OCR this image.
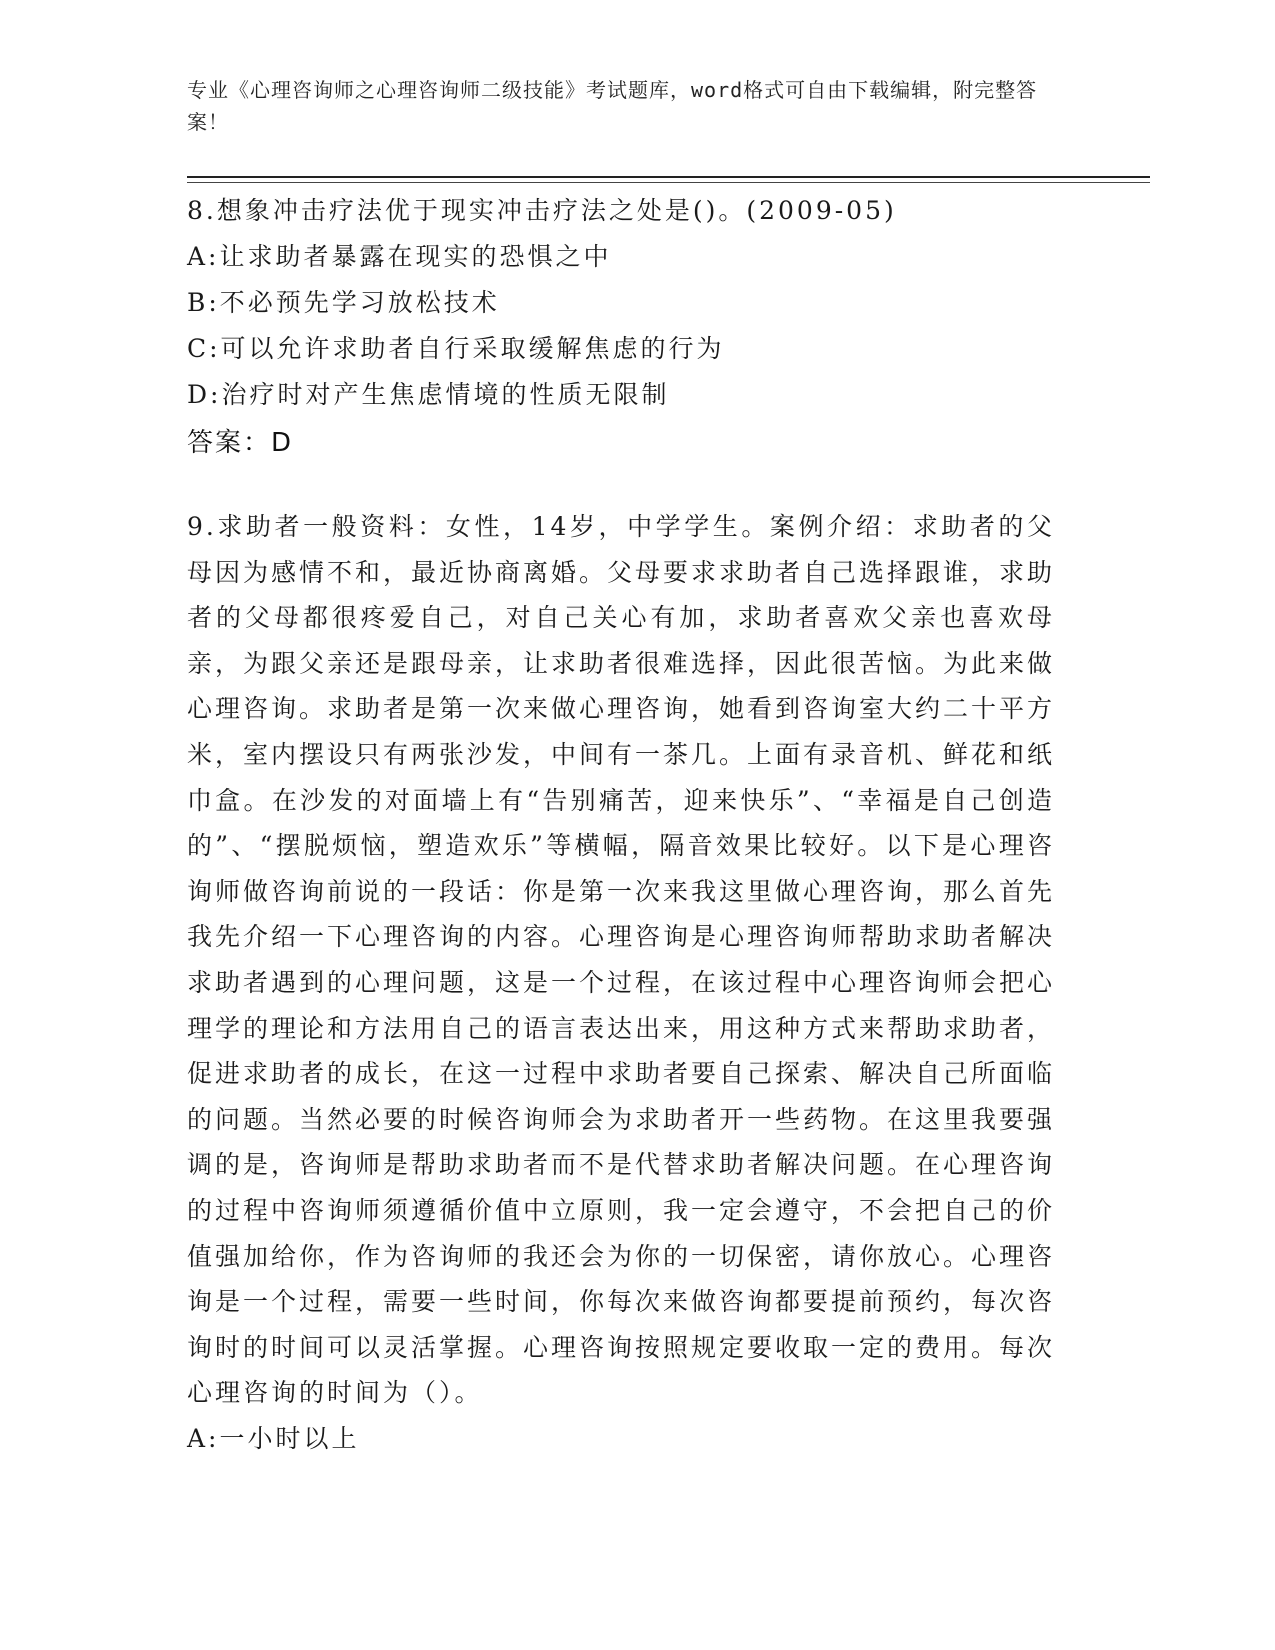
专业《心理咨询师之心理咨询师二级技能》考试题库，word格式可自由下载编辑，附完整答案！
8.想象冲击疗法优于现实冲击疗法之处是()。(2009-05)
A:让求助者暴露在现实的恐惧之中
B:不必预先学习放松技术
C:可以允许求助者自行采取缓解焦虑的行为
D:治疗时对产生焦虑情境的性质无限制
答案：D
9.求助者一般资料：女性，14岁，中学学生。案例介绍：求助者的父母因为感情不和，最近协商离婚。父母要求求助者自己选择跟谁，求助者的父母都很疼爱自己，对自己关心有加，求助者喜欢父亲也喜欢母亲，为跟父亲还是跟母亲，让求助者很难选择，因此很苦恼。为此来做心理咨询。求助者是第一次来做心理咨询，她看到咨询室大约二十平方米，室内摆设只有两张沙发，中间有一茶几。上面有录音机、鲜花和纸巾盒。在沙发的对面墙上有“告别痛苦，迎来快乐”、“幸福是自己创造的”、“摆脱烦恼，塑造欢乐”等横幅，隔音效果比较好。以下是心理咨询师做咨询前说的一段话：你是第一次来我这里做心理咨询，那么首先我先介绍一下心理咨询的内容。心理咨询是心理咨询师帮助求助者解决求助者遇到的心理问题，这是一个过程，在该过程中心理咨询师会把心理学的理论和方法用自己的语言表达出来，用这种方式来帮助求助者，促进求助者的成长，在这一过程中求助者要自己探索、解决自己所面临的问题。当然必要的时候咨询师会为求助者开一些药物。在这里我要强调的是，咨询师是帮助求助者而不是代替求助者解决问题。在心理咨询的过程中咨询师须遵循价值中立原则，我一定会遵守，不会把自己的价值强加给你，作为咨询师的我还会为你的一切保密，请你放心。心理咨询是一个过程，需要一些时间，你每次来做咨询都要提前预约，每次咨询时的时间可以灵活掌握。心理咨询按照规定要收取一定的费用。每次心理咨询的时间为（）。
A:一小时以上
